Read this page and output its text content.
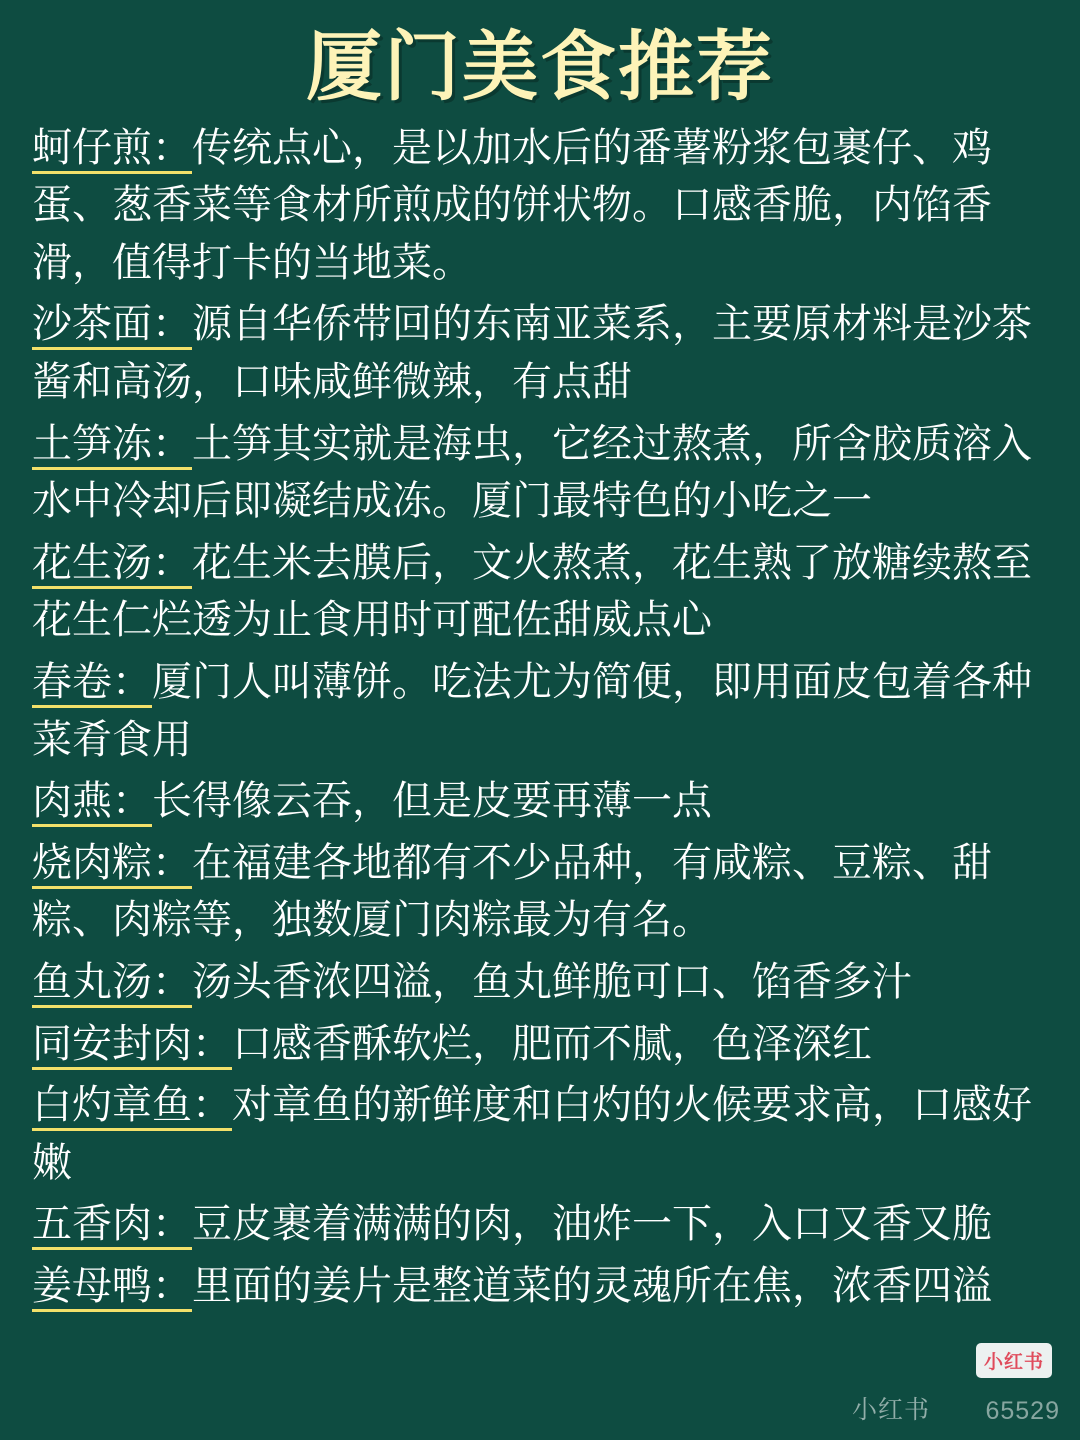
厦门美食推荐

蚵仔煎：传统点心，是以加水后的番薯粉浆包裹仔、鸡蛋、葱香菜等食材所煎成的饼状物。口感香脆，内馅香滑，值得打卡的当地菜。

沙茶面：源自华侨带回的东南亚菜系，主要原材料是沙茶酱和高汤，口味咸鲜微辣，有点甜

土笋冻：土笋其实就是海虫，它经过熬煮，所含胶质溶入水中冷却后即凝结成冻。厦门最特色的小吃之一

花生汤：花生米去膜后，文火熬煮，花生熟了放糖续熬至花生仁烂透为止食用时可配佐甜威点心

春卷：厦门人叫薄饼。吃法尤为简便，即用面皮包着各种菜肴食用

肉燕：长得像云吞，但是皮要再薄一点

烧肉粽：在福建各地都有不少品种，有咸粽、豆粽、甜粽、肉粽等，独数厦门肉粽最为有名。

鱼丸汤：汤头香浓四溢，鱼丸鲜脆可口、馅香多汁

同安封肉：口感香酥软烂，肥而不腻，色泽深红

白灼章鱼：对章鱼的新鲜度和白灼的火候要求高，口感好嫩

五香肉：豆皮裹着满满的肉，油炸一下，入口又香又脆

姜母鸭：里面的姜片是整道菜的灵魂所在焦，浓香四溢

小红书
小红书 65529
